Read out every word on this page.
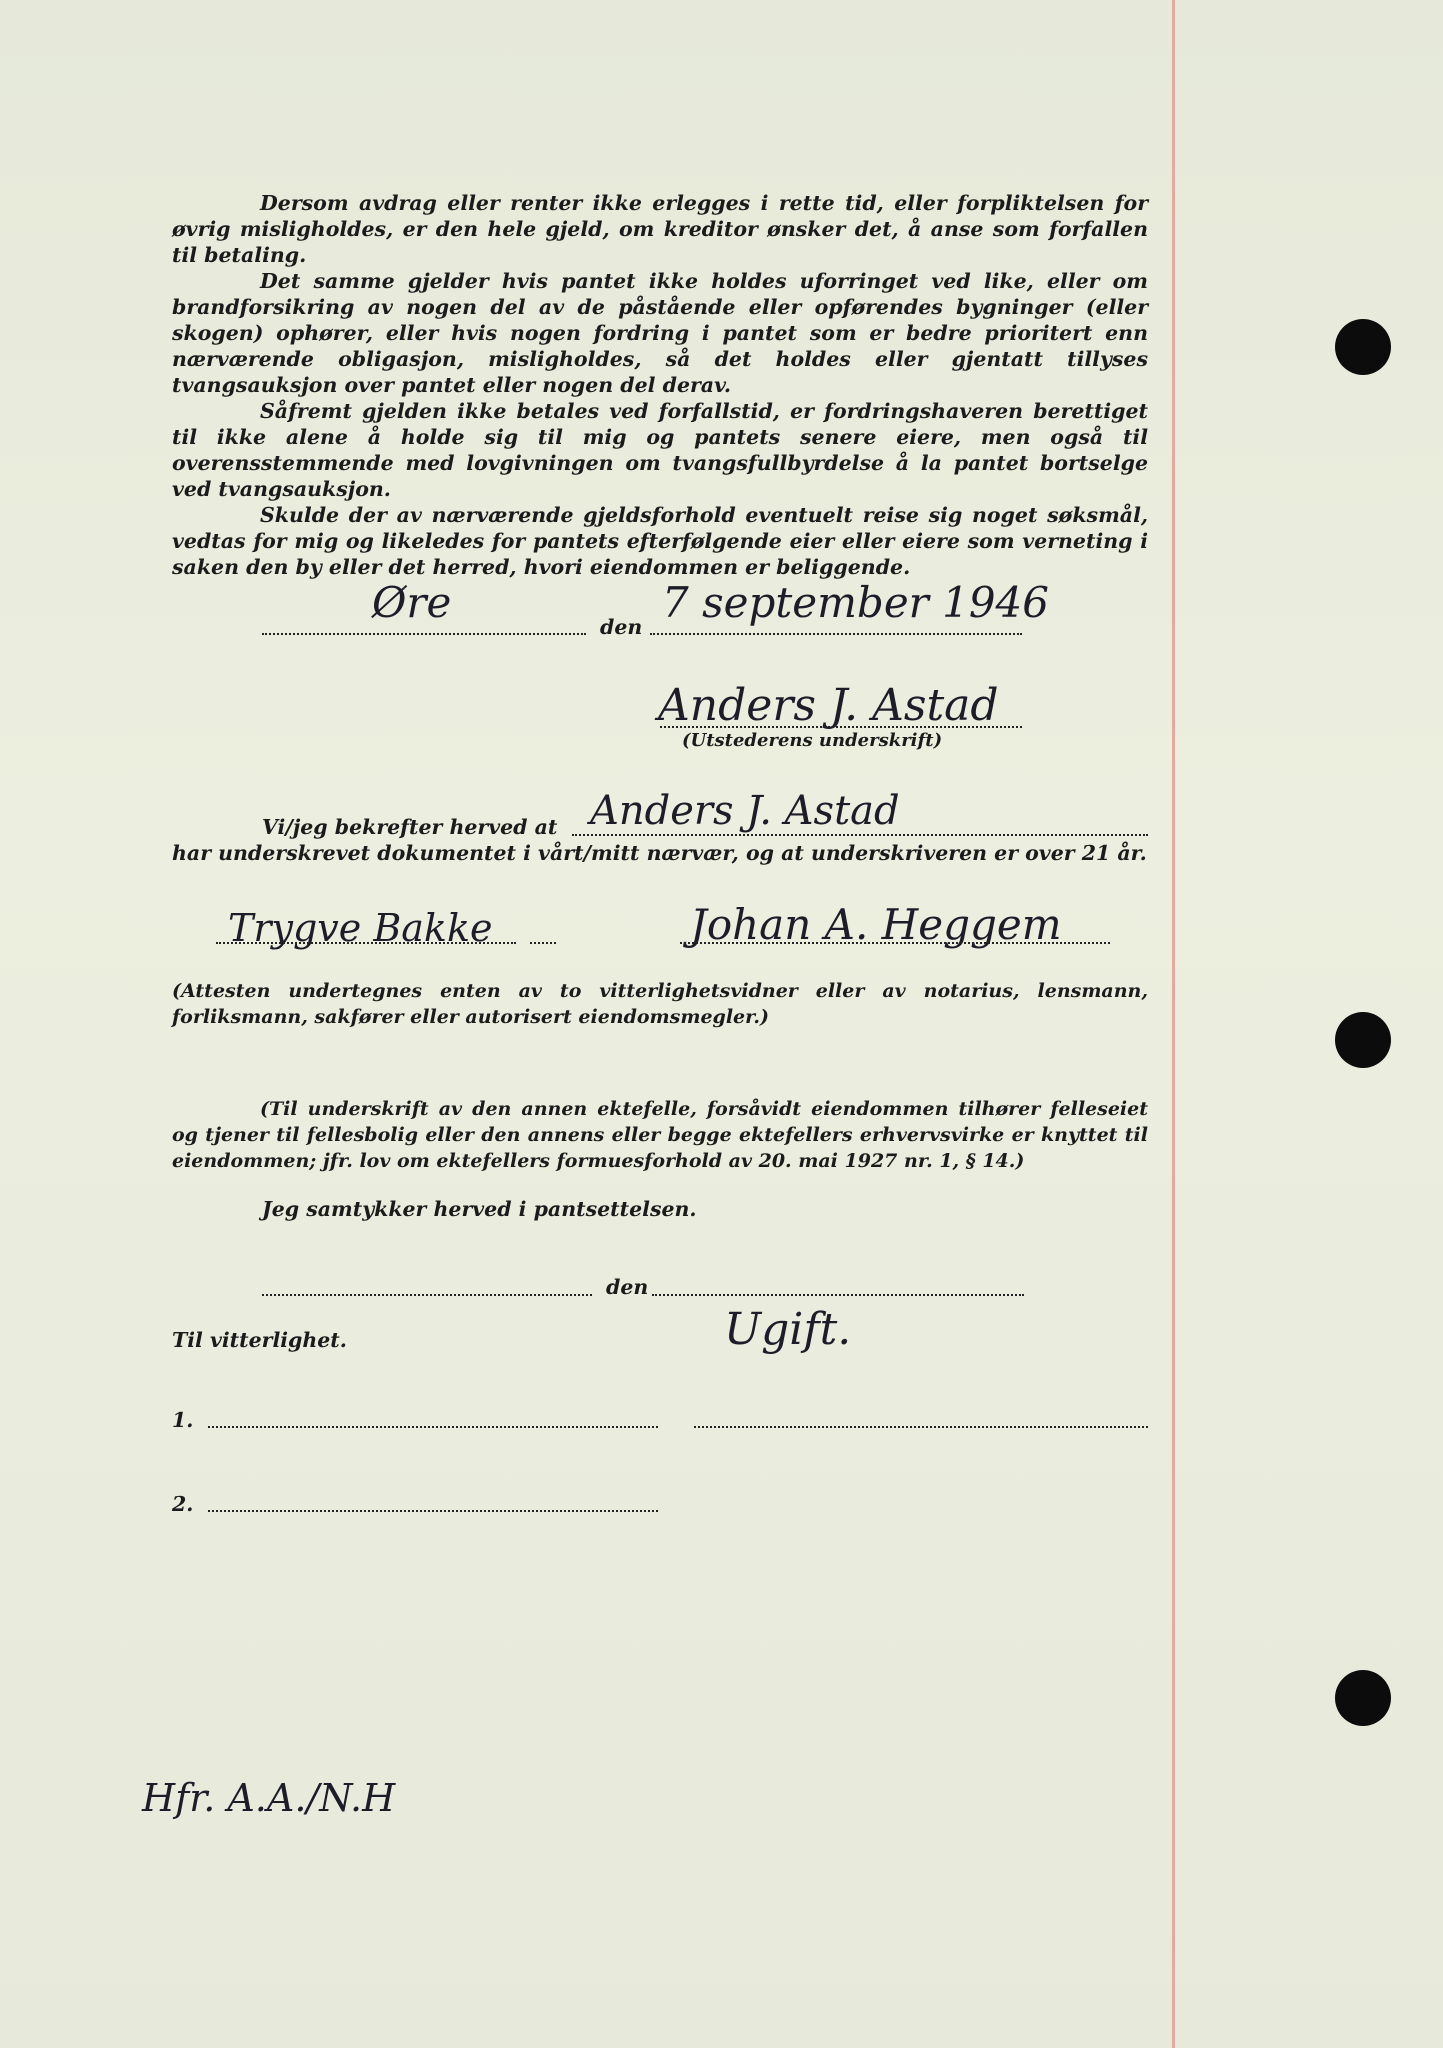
Dersom avdrag eller renter ikke erlegges i rette tid, eller forpliktelsen for øvrig misligholdes, er den hele gjeld, om kreditor ønsker det, å anse som forfallen til betaling.

Det samme gjelder hvis pantet ikke holdes uforringet ved like, eller om brandforsikring av nogen del av de påstående eller opførendes bygninger (eller skogen) ophører, eller hvis nogen fordring i pantet som er bedre prioritert enn nærværende obligasjon, misligholdes, så det holdes eller gjentatt tillyses tvangsauksjon over pantet eller nogen del derav.

Såfremt gjelden ikke betales ved forfallstid, er fordringshaveren berettiget til ikke alene å holde sig til mig og pantets senere eiere, men også til overensstemmende med lovgivningen om tvangsfullbyrdelse å la pantet bortselge ved tvangsauksjon.

Skulde der av nærværende gjeldsforhold eventuelt reise sig noget søksmål, vedtas for mig og likeledes for pantets efterfølgende eier eller eiere som verneting i saken den by eller det herred, hvori eiendommen er beliggende.

Øre	den 7 september 1946
Anders J. Astad
(Utstederens underskrift)
Vi/jeg bekrefter herved at Anders J. Astad
har underskrevet dokumentet i vårt/mitt nærvær, og at underskriveren er over 21 år.
Trygve Bakke	Johan A. Heggem

(Attesten undertegnes enten av to vitterlighetsvidner eller av notarius, lensmann, forliksmann, sakfører eller autorisert eiendomsmegler.)

(Til underskrift av den annen ektefelle, forsåvidt eiendommen tilhører felleseiet og tjener til fellesbolig eller den annens eller begge ektefellers erhvervsvirke er knyttet til eiendommen; jfr. lov om ektefellers formuesforhold av 20. mai 1927 nr. 1, § 14.)

Jeg samtykker herved i pantsettelsen.
den
Til vitterlighet.	Ugift.
1.
2.
Hfr. A.A./N.H
